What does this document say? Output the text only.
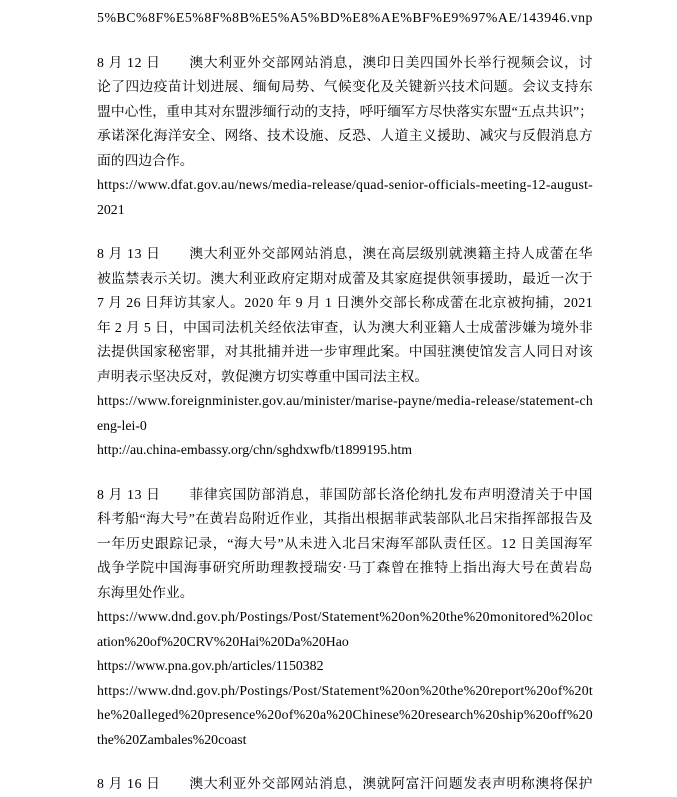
5%BC%8F%E5%8F%8B%E5%A5%BD%E8%AE%BF%E9%97%AE/143946.vnp
8 月 12 日　　澳大利亚外交部网站消息，澳印日美四国外长举行视频会议，讨
论了四边疫苗计划进展、缅甸局势、气候变化及关键新兴技术问题。会议支持东
盟中心性，重申其对东盟涉缅行动的支持，呼吁缅军方尽快落实东盟“五点共识”；
承诺深化海洋安全、网络、技术设施、反恐、人道主义援助、减灾与反假消息方
面的四边合作。
https://www.dfat.gov.au/news/media-release/quad-senior-officials-meeting-12-august-
2021
8 月 13 日　　澳大利亚外交部网站消息，澳在高层级别就澳籍主持人成蕾在华
被监禁表示关切。澳大利亚政府定期对成蕾及其家庭提供领事援助，最近一次于
7 月 26 日拜访其家人。2020 年 9 月 1 日澳外交部长称成蕾在北京被拘捕，2021
年 2 月 5 日，中国司法机关经依法审查，认为澳大利亚籍人士成蕾涉嫌为境外非
法提供国家秘密罪，对其批捕并进一步审理此案。中国驻澳使馆发言人同日对该
声明表示坚决反对，敦促澳方切实尊重中国司法主权。
https://www.foreignminister.gov.au/minister/marise-payne/media-release/statement-ch
eng-lei-0
http://au.china-embassy.org/chn/sghdxwfb/t1899195.htm
8 月 13 日　　菲律宾国防部消息，菲国防部长洛伦纳扎发布声明澄清关于中国
科考船“海大号”在黄岩岛附近作业，其指出根据菲武装部队北吕宋指挥部报告及
一年历史跟踪记录，“海大号”从未进入北吕宋海军部队责任区。12 日美国海军
战争学院中国海事研究所助理教授瑞安·马丁森曾在推特上指出海大号在黄岩岛
东海里处作业。
https://www.dnd.gov.ph/Postings/Post/Statement%20on%20the%20monitored%20loc
ation%20of%20CRV%20Hai%20Da%20Hao
https://www.pna.gov.ph/articles/1150382
https://www.dnd.gov.ph/Postings/Post/Statement%20on%20the%20report%20of%20t
he%20alleged%20presence%20of%20a%20Chinese%20research%20ship%20off%20
the%20Zambales%20coast
8 月 16 日　　澳大利亚外交部网站消息，澳就阿富汗问题发表声明称澳将保护
